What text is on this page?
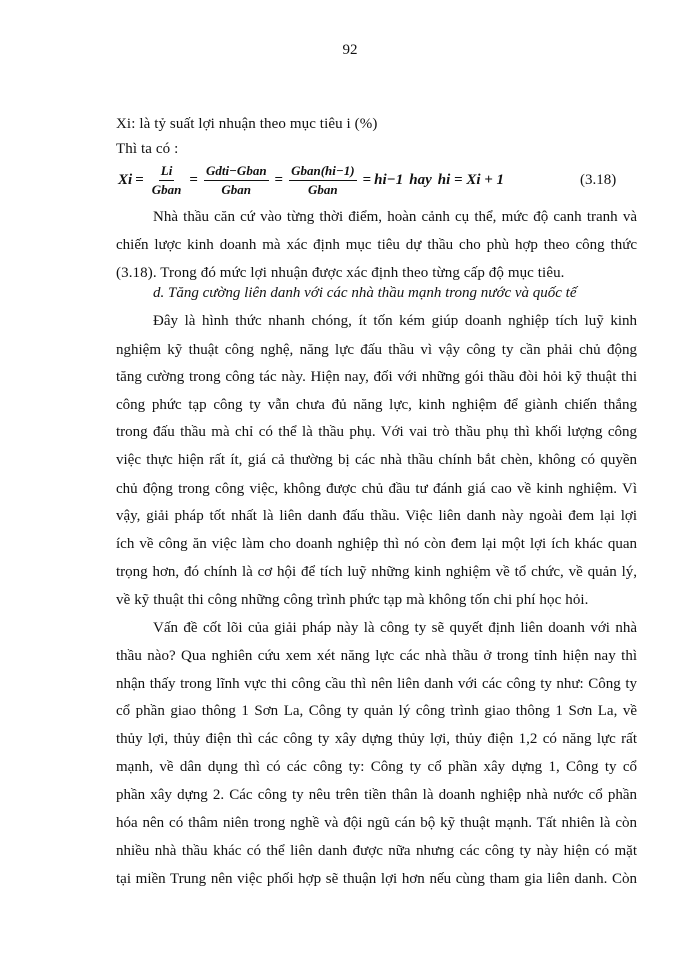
92
Xi: là tỷ suất lợi nhuận theo mục tiêu i (%)
Thì ta có :
$Xi = \frac{Li}{\text{Gban}} = \frac{\text{Gdti−Gban}}{\text{Gban}} = \frac{\text{Gban(hi−1)}}{\text{Gban}} = hi-1$ hay hi = Xi + 1	(3.18)
Nhà thầu căn cứ vào từng thời điểm, hoàn cảnh cụ thể, mức độ canh tranh và
chiến lược kinh doanh mà xác định mục tiêu dự thầu cho phù hợp theo công thức
(3.18). Trong đó mức lợi nhuận được xác định theo từng cấp độ mục tiêu.
d. Tăng cường liên danh với các nhà thầu mạnh trong nước và quốc tế
Đây là hình thức nhanh chóng, ít tốn kém giúp doanh nghiệp tích luỹ kinh
nghiệm kỹ thuật công nghệ, năng lực đấu thầu vì vậy công ty cần phải chủ động
tăng cường trong công tác này. Hiện nay, đối với những gói thầu đòi hỏi kỹ thuật thi
công phức tạp công ty vẫn chưa đủ năng lực, kinh nghiệm để giành chiến thắng
trong đấu thầu mà chỉ có thể là thầu phụ. Với vai trò thầu phụ thì khối lượng công
việc thực hiện rất ít, giá cả thường bị các nhà thầu chính bắt chèn, không có quyền
chủ động trong công việc, không được chủ đầu tư đánh giá cao về kinh nghiệm. Vì
vậy, giải pháp tốt nhất là liên danh đấu thầu. Việc liên danh này ngoài đem lại lợi
ích về công ăn việc làm cho doanh nghiệp thì nó còn đem lại một lợi ích khác quan
trọng hơn, đó chính là cơ hội để tích luỹ những kinh nghiệm về tổ chức, về quản lý,
về kỹ thuật thi công những công trình phức tạp mà không tốn chi phí học hỏi.
Vấn đề cốt lõi của giải pháp này là công ty sẽ quyết định liên doanh với nhà
thầu nào? Qua nghiên cứu xem xét năng lực các nhà thầu ở trong tỉnh hiện nay thì
nhận thấy trong lĩnh vực thi công cầu thì nên liên danh với các công ty như: Công ty
cổ phần giao thông 1 Sơn La, Công ty quản lý công trình giao thông 1 Sơn La, về
thủy lợi, thủy điện thì các công ty xây dựng thủy lợi, thủy điện 1,2 có năng lực rất
mạnh, về dân dụng thì có các công ty: Công ty cổ phần xây dựng 1, Công ty cổ
phần xây dựng 2. Các công ty nêu trên tiền thân là doanh nghiệp nhà nước cổ phần
hóa nên có thâm niên trong nghề và đội ngũ cán bộ kỹ thuật mạnh. Tất nhiên là còn
nhiều nhà thầu khác có thể liên danh được nữa nhưng các công ty này hiện có mặt
tại miền Trung nên việc phối hợp sẽ thuận lợi hơn nếu cùng tham gia liên danh. Còn
